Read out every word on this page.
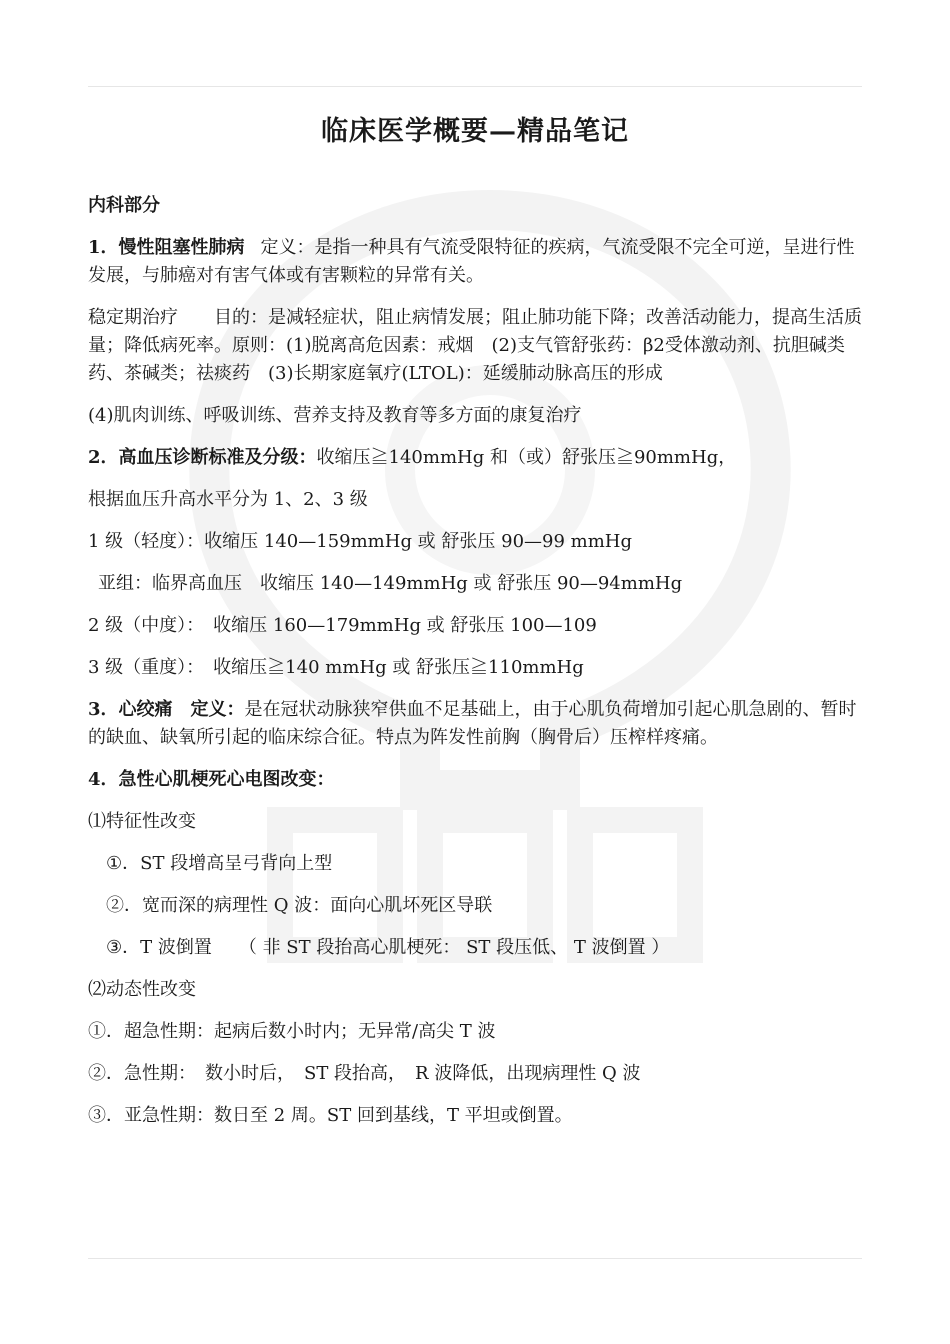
临床医学概要—精品笔记
内科部分
1．慢性阻塞性肺病 定义：是指一种具有气流受限特征的疾病，气流受限不完全可逆，呈进行性发展，与肺癌对有害气体或有害颗粒的异常有关。
稳定期治疗　　目的：是减轻症状，阻止病情发展；阻止肺功能下降；改善活动能力，提高生活质量；降低病死率。原则：(1)脱离高危因素：戒烟　(2)支气管舒张药：β2受体激动剂、抗胆碱类药、茶碱类；祛痰药　(3)长期家庭氧疗(LTOL)：延缓肺动脉高压的形成
(4)肌肉训练、呼吸训练、营养支持及教育等多方面的康复治疗
2．高血压诊断标准及分级：收缩压≧140mmHg 和（或）舒张压≧90mmHg，
根据血压升高水平分为 1、2、3 级
1 级（轻度）：收缩压 140—159mmHg 或 舒张压 90—99 mmHg
亚组：临界高血压　收缩压 140—149mmHg 或 舒张压 90—94mmHg
2 级（中度）：　收缩压 160—179mmHg 或 舒张压 100—109
3 级（重度）：　收缩压≧140 mmHg 或 舒张压≧110mmHg
3．心绞痛　定义：是在冠状动脉狭窄供血不足基础上，由于心肌负荷增加引起心肌急剧的、暂时的缺血、缺氧所引起的临床综合征。特点为阵发性前胸（胸骨后）压榨样疼痛。
4．急性心肌梗死心电图改变：
⑴特征性改变
①．ST 段增高呈弓背向上型
②．宽而深的病理性 Q 波：面向心肌坏死区导联
③．T 波倒置　　（ 非 ST 段抬高心肌梗死： ST 段压低、 T 波倒置 ）
⑵动态性改变
①．超急性期：起病后数小时内；无异常/高尖 T 波
②．急性期：　数小时后，　ST 段抬高，　R 波降低，出现病理性 Q 波
③．亚急性期：数日至 2 周。ST 回到基线，T 平坦或倒置。
